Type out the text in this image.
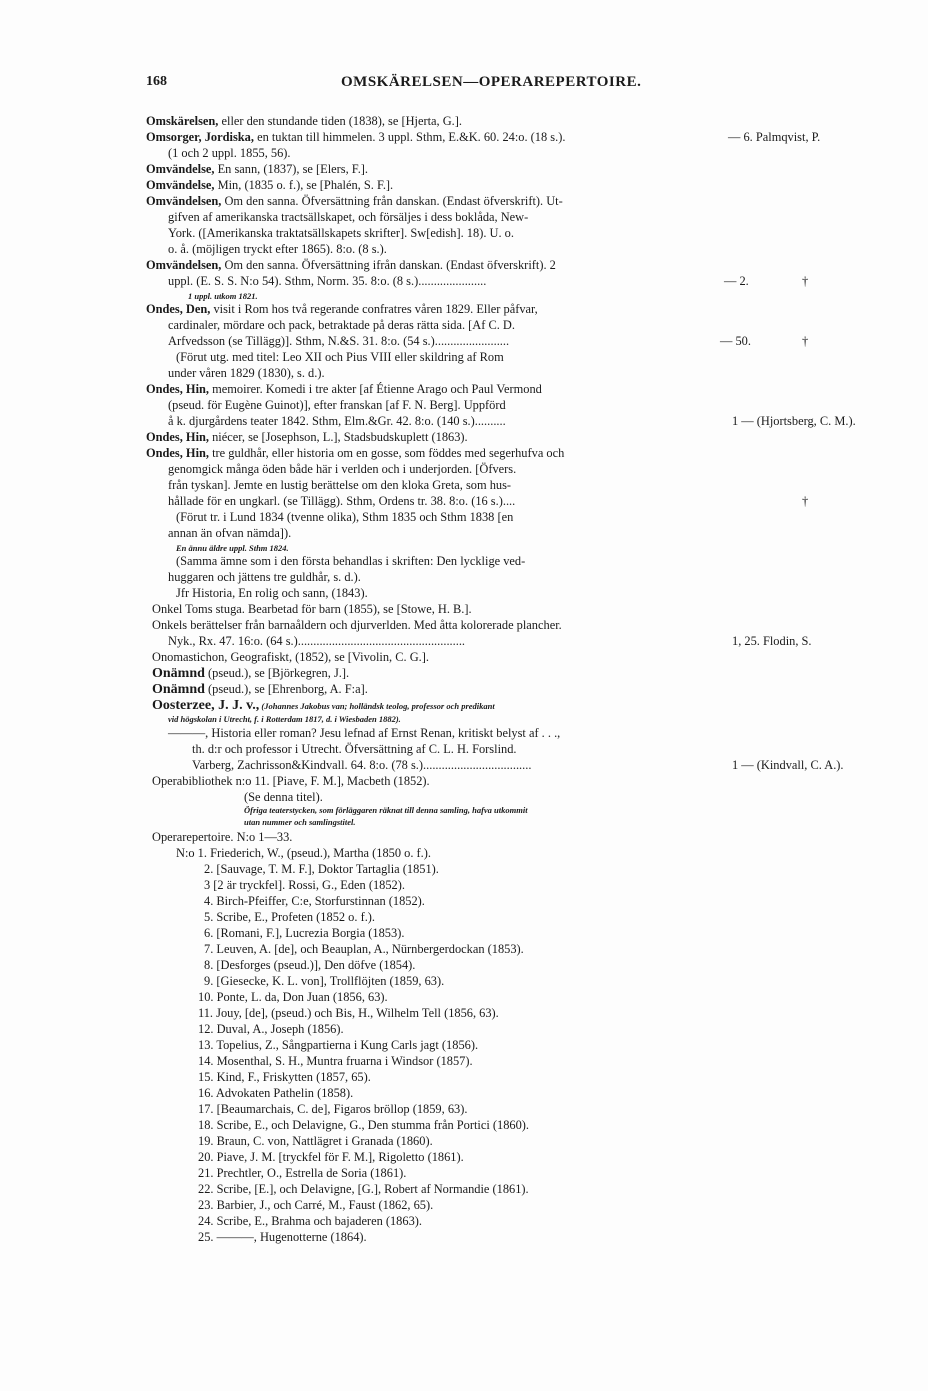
168	OMSKÄRELSEN—OPERAREPERTOIRE.
Omskärelsen, eller den stundande tiden (1838), se [Hjerta, G.].
Omsorger, Jordiska, en tuktan till himmelen. 3 uppl. Sthm, E.&K. 60. 24:o. (18 s.).
(1 och 2 uppl. 1855, 56).
Omvändelse, En sann, (1837), se [Elers, F.].
Omvändelse, Min, (1835 o. f.), se [Phalén, S. F.].
Omvändelsen, Om den sanna. Öfversättning från danskan. (Endast öfverskrift). Ut-
gifven af amerikanska tractsällskapet, och försäljes i dess boklåda, New-
York. ([Amerikanska traktatsällskapets skrifter]. Sw[edish]. 18). U. o.
o. å. (möjligen tryckt efter 1865). 8:o. (8 s.).
Omvändelsen, Om den sanna. Öfversättning ifrån danskan. (Endast öfverskrift). 2
uppl. (E. S. S. N:o 54). Sthm, Norm. 35. 8:o. (8 s.)......................
1 uppl. utkom 1821.
Ondes, Den, visit i Rom hos två regerande confratres våren 1829. Eller påfvar,
cardinaler, mördare och pack, betraktade på deras rätta sida. [Af C. D.
Arfvedsson (se Tillägg)]. Sthm, N.&S. 31. 8:o. (54 s.)........................
(Förut utg. med titel: Leo XII och Pius VIII eller skildring af Rom
under våren 1829 (1830), s. d.).
Ondes, Hin, memoirer. Komedi i tre akter [af Étienne Arago och Paul Vermond
(pseud. för Eugène Guinot)], efter franskan [af F. N. Berg]. Uppförd
å k. djurgårdens teater 1842. Sthm, Elm.&Gr. 42. 8:o. (140 s.)..........
Ondes, Hin, niécer, se [Josephson, L.], Stadsbudskuplett (1863).
Ondes, Hin, tre guldhår, eller historia om en gosse, som föddes med segerhufva och
genomgick många öden både här i verlden och i underjorden. [Öfvers.
från tyskan]. Jemte en lustig berättelse om den kloka Greta, som hus-
hållade för en ungkarl. (se Tillägg). Sthm, Ordens tr. 38. 8:o. (16 s.)....
(Förut tr. i Lund 1834 (tvenne olika), Sthm 1835 och Sthm 1838 [en
annan än ofvan nämda]).
En ännu äldre uppl. Sthm 1824.
(Samma ämne som i den första behandlas i skriften: Den lycklige ved-
huggaren och jättens tre guldhår, s. d.).
Jfr Historia, En rolig och sann, (1843).
Onkel Toms stuga. Bearbetad för barn (1855), se [Stowe, H. B.].
Onkels berättelser från barnaåldern och djurverlden. Med åtta kolorerade plancher.
Nyk., Rx. 47. 16:o. (64 s.)......................................................
Onomastichon, Geografiskt, (1852), se [Vivolin, C. G.].
Onämnd (pseud.), se [Björkegren, J.].
Onämnd (pseud.), se [Ehrenborg, A. F:a].
Oosterzee, J. J. v., (Johannes Jakobus van; holländsk teolog, professor och predikant
vid högskolan i Utrecht, f. i Rotterdam 1817, d. i Wiesbaden 1882).
———, Historia eller roman? Jesu lefnad af Ernst Renan, kritiskt belyst af . . .,
th. d:r och professor i Utrecht. Öfversättning af C. L. H. Forslind.
Varberg, Zachrisson&Kindvall. 64. 8:o. (78 s.)...................................
Operabibliothek n:o 11. [Piave, F. M.], Macbeth (1852).
(Se denna titel).
Öfriga teaterstycken, som förläggaren räknat till denna samling, hafva utkommit
utan nummer och samlingstitel.
Operarepertoire. N:o 1—33.
N:o 1. Friederich, W., (pseud.), Martha (1850 o. f.).
2. [Sauvage, T. M. F.], Doktor Tartaglia (1851).
3 [2 är tryckfel]. Rossi, G., Eden (1852).
4. Birch-Pfeiffer, C:e, Storfurstinnan (1852).
5. Scribe, E., Profeten (1852 o. f.).
6. [Romani, F.], Lucrezia Borgia (1853).
7. Leuven, A. [de], och Beauplan, A., Nürnbergerdockan (1853).
8. [Desforges (pseud.)], Den döfve (1854).
9. [Giesecke, K. L. von], Trollflöjten (1859, 63).
10. Ponte, L. da, Don Juan (1856, 63).
11. Jouy, [de], (pseud.) och Bis, H., Wilhelm Tell (1856, 63).
12. Duval, A., Joseph (1856).
13. Topelius, Z., Sångpartierna i Kung Carls jagt (1856).
14. Mosenthal, S. H., Muntra fruarna i Windsor (1857).
15. Kind, F., Friskytten (1857, 65).
16. Advokaten Pathelin (1858).
17. [Beaumarchais, C. de], Figaros bröllop (1859, 63).
18. Scribe, E., och Delavigne, G., Den stumma från Portici (1860).
19. Braun, C. von, Nattlägret i Granada (1860).
20. Piave, J. M. [tryckfel för F. M.], Rigoletto (1861).
21. Prechtler, O., Estrella de Soria (1861).
22. Scribe, [E.], och Delavigne, [G.], Robert af Normandie (1861).
23. Barbier, J., och Carré, M., Faust (1862, 65).
24. Scribe, E., Brahma och bajaderen (1863).
25. ———, Hugenotterne (1864).
— 6. Palmqvist, P.
— 2.	†
— 50.	†
1 — (Hjortsberg, C. M.).
†
1, 25. Flodin, S.
1 — (Kindvall, C. A.).
